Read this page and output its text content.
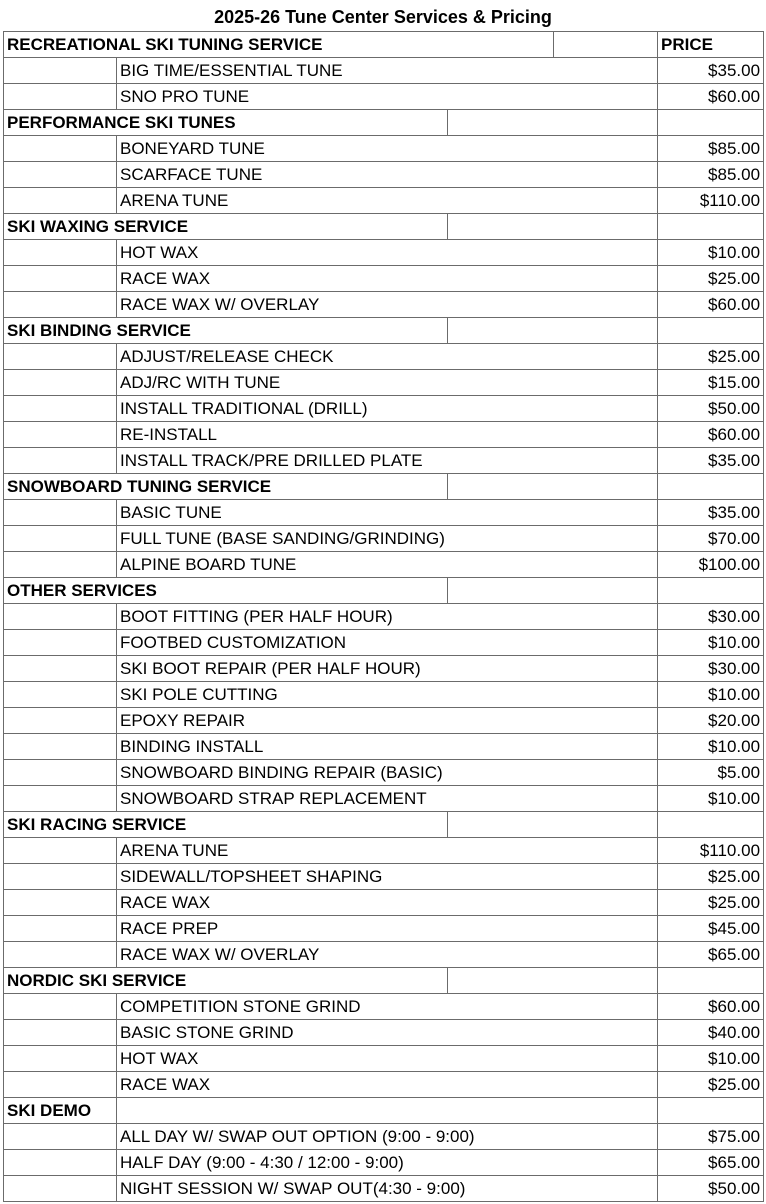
2025-26 Tune Center Services & Pricing
RECREATIONAL SKI TUNING SERVICE				PRICE
	BIG TIME/ESSENTIAL TUNE			$35.00
	SNO PRO TUNE			$60.00
PERFORMANCE SKI TUNES				
	BONEYARD TUNE			$85.00
	SCARFACE TUNE			$85.00
	ARENA TUNE			$110.00
SKI WAXING SERVICE				
	HOT WAX			$10.00
	RACE WAX			$25.00
	RACE WAX W/ OVERLAY			$60.00
SKI BINDING SERVICE				
	ADJUST/RELEASE CHECK			$25.00
	ADJ/RC WITH TUNE			$15.00
	INSTALL TRADITIONAL (DRILL)			$50.00
	RE-INSTALL			$60.00
	INSTALL TRACK/PRE DRILLED PLATE			$35.00
SNOWBOARD TUNING SERVICE				
	BASIC TUNE			$35.00
	FULL TUNE (BASE SANDING/GRINDING)			$70.00
	ALPINE BOARD TUNE			$100.00
OTHER SERVICES				
	BOOT FITTING (PER HALF HOUR)			$30.00
	FOOTBED CUSTOMIZATION			$10.00
	SKI BOOT REPAIR (PER HALF HOUR)			$30.00
	SKI POLE CUTTING			$10.00
	EPOXY REPAIR			$20.00
	BINDING INSTALL			$10.00
	SNOWBOARD BINDING REPAIR (BASIC)			$5.00
	SNOWBOARD STRAP REPLACEMENT			$10.00
SKI RACING SERVICE				
	ARENA TUNE			$110.00
	SIDEWALL/TOPSHEET SHAPING			$25.00
	RACE WAX			$25.00
	RACE PREP			$45.00
	RACE WAX W/ OVERLAY			$65.00
NORDIC SKI SERVICE				
	COMPETITION STONE GRIND			$60.00
	BASIC STONE GRIND			$40.00
	HOT WAX			$10.00
	RACE WAX			$25.00
SKI DEMO				
	ALL DAY W/ SWAP OUT OPTION (9:00 - 9:00)			$75.00
	HALF DAY (9:00 - 4:30 / 12:00 - 9:00)			$65.00
	NIGHT SESSION W/ SWAP OUT(4:30 - 9:00)			$50.00
